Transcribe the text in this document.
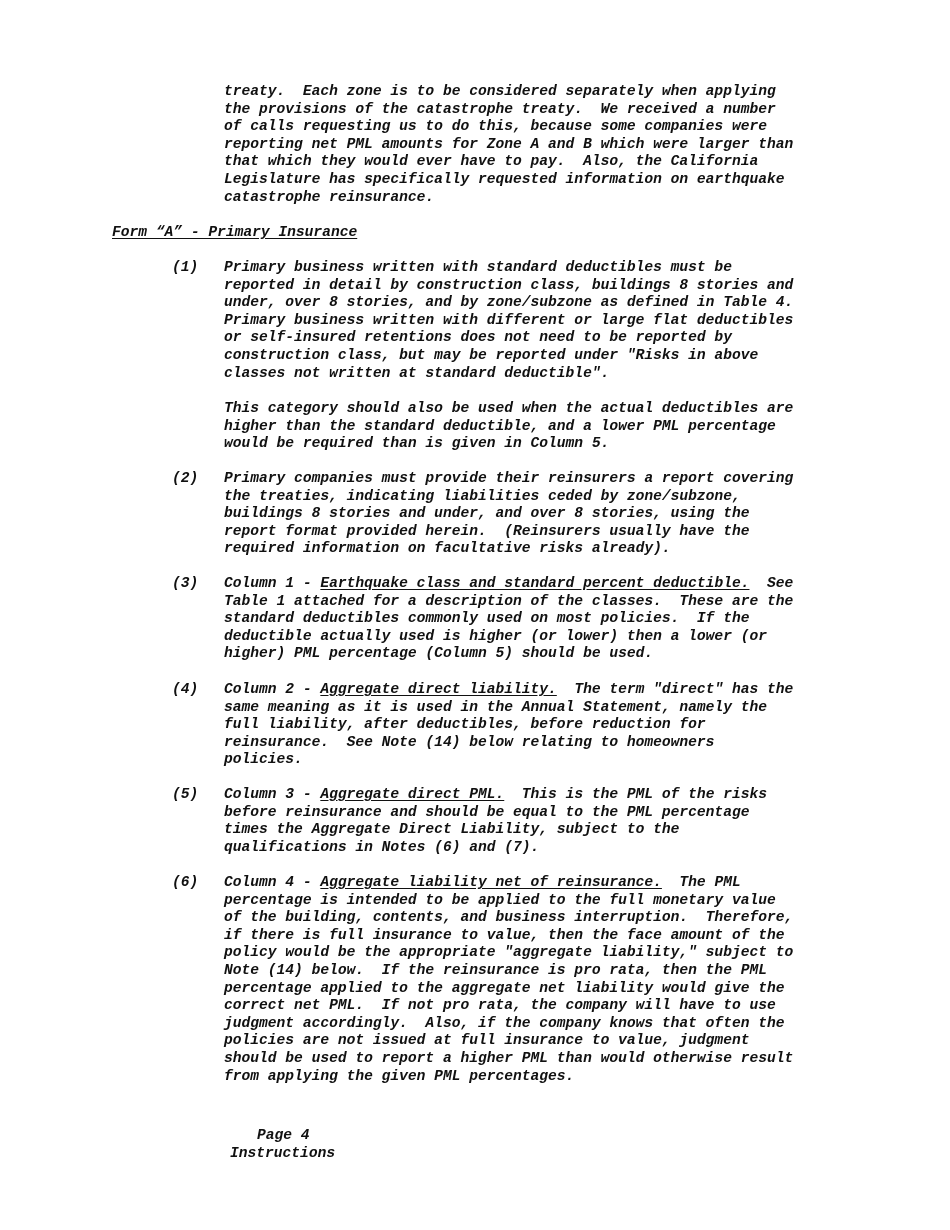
treaty.  Each zone is to be considered separately when applying
the provisions of the catastrophe treaty.  We received a number
of calls requesting us to do this, because some companies were
reporting net PML amounts for Zone A and B which were larger than
that which they would ever have to pay.  Also, the California
Legislature has specifically requested information on earthquake
catastrophe reinsurance.
Form “A” - Primary Insurance
(1) Primary business written with standard deductibles must be
reported in detail by construction class, buildings 8 stories and
under, over 8 stories, and by zone/subzone as defined in Table 4.
Primary business written with different or large flat deductibles
or self-insured retentions does not need to be reported by
construction class, but may be reported under "Risks in above
classes not written at standard deductible".
This category should also be used when the actual deductibles are
higher than the standard deductible, and a lower PML percentage
would be required than is given in Column 5.
(2) Primary companies must provide their reinsurers a report covering
the treaties, indicating liabilities ceded by zone/subzone,
buildings 8 stories and under, and over 8 stories, using the
report format provided herein.  (Reinsurers usually have the
required information on facultative risks already).
(3) Column 1 - Earthquake class and standard percent deductible.  See
Table 1 attached for a description of the classes.  These are the
standard deductibles commonly used on most policies.  If the
deductible actually used is higher (or lower) then a lower (or
higher) PML percentage (Column 5) should be used.
(4) Column 2 - Aggregate direct liability.  The term "direct" has the
same meaning as it is used in the Annual Statement, namely the
full liability, after deductibles, before reduction for
reinsurance.  See Note (14) below relating to homeowners
policies.
(5) Column 3 - Aggregate direct PML.  This is the PML of the risks
before reinsurance and should be equal to the PML percentage
times the Aggregate Direct Liability, subject to the
qualifications in Notes (6) and (7).
(6) Column 4 - Aggregate liability net of reinsurance.  The PML
percentage is intended to be applied to the full monetary value
of the building, contents, and business interruption.  Therefore,
if there is full insurance to value, then the face amount of the
policy would be the appropriate "aggregate liability," subject to
Note (14) below.  If the reinsurance is pro rata, then the PML
percentage applied to the aggregate net liability would give the
correct net PML.  If not pro rata, the company will have to use
judgment accordingly.  Also, if the company knows that often the
policies are not issued at full insurance to value, judgment
should be used to report a higher PML than would otherwise result
from applying the given PML percentages.
Page 4
Instructions
